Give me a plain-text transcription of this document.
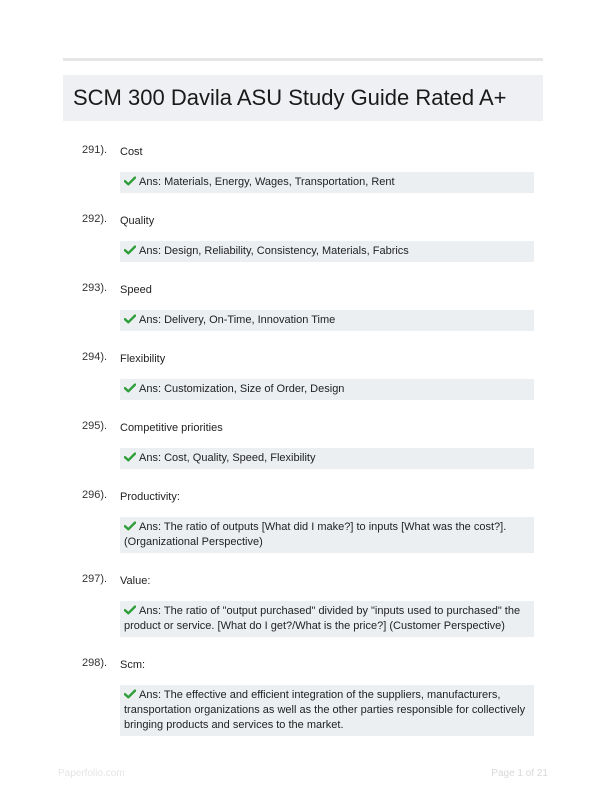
SCM 300 Davila ASU Study Guide Rated A+
291). Cost
Ans: Materials, Energy, Wages, Transportation, Rent
292). Quality
Ans: Design, Reliability, Consistency, Materials, Fabrics
293). Speed
Ans: Delivery, On-Time, Innovation Time
294). Flexibility
Ans: Customization, Size of Order, Design
295). Competitive priorities
Ans: Cost, Quality, Speed, Flexibility
296). Productivity:
Ans: The ratio of outputs [What did I make?] to inputs [What was the cost?]. (Organizational Perspective)
297). Value:
Ans: The ratio of "output purchased" divided by "inputs used to purchased" the product or service. [What do I get?/What is the price?] (Customer Perspective)
298). Scm:
Ans: The effective and efficient integration of the suppliers, manufacturers, transportation organizations as well as the other parties responsible for collectively bringing products and services to the market.
Paperfolio.com	Page 1 of 21
